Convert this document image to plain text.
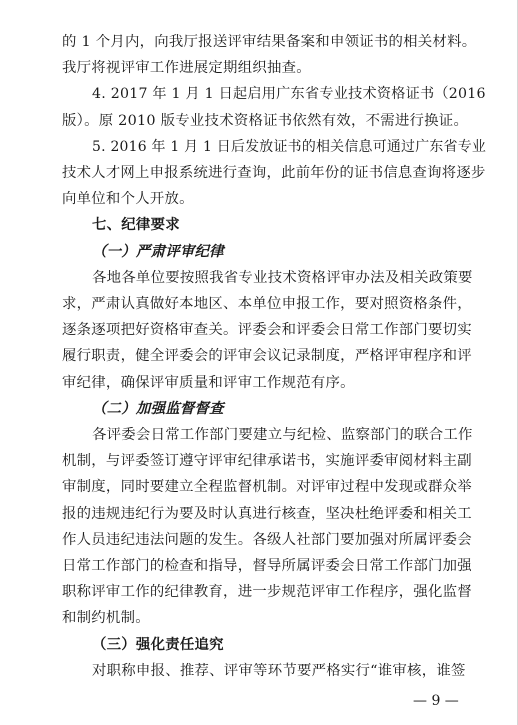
的 1 个月内，向我厅报送评审结果备案和申领证书的相关材料。
我厅将视评审工作进展定期组织抽查。
4. 2017 年 1 月 1 日起启用广东省专业技术资格证书（2016
版）。原 2010 版专业技术资格证书依然有效，不需进行换证。
5. 2016 年 1 月 1 日后发放证书的相关信息可通过广东省专业
技术人才网上申报系统进行查询，此前年份的证书信息查询将逐步
向单位和个人开放。
七、纪律要求
（一）严肃评审纪律
各地各单位要按照我省专业技术资格评审办法及相关政策要
求，严肃认真做好本地区、本单位申报工作，要对照资格条件，
逐条逐项把好资格审查关。评委会和评委会日常工作部门要切实
履行职责，健全评委会的评审会议记录制度，严格评审程序和评
审纪律，确保评审质量和评审工作规范有序。
（二）加强监督督查
各评委会日常工作部门要建立与纪检、监察部门的联合工作
机制，与评委签订遵守评审纪律承诺书，实施评委审阅材料主副
审制度，同时要建立全程监督机制。对评审过程中发现或群众举
报的违规违纪行为要及时认真进行核查，坚决杜绝评委和相关工
作人员违纪违法问题的发生。各级人社部门要加强对所属评委会
日常工作部门的检查和指导，督导所属评委会日常工作部门加强
职称评审工作的纪律教育，进一步规范评审工作程序，强化监督
和制约机制。
（三）强化责任追究
对职称申报、推荐、评审等环节要严格实行“谁审核，谁签
— 9 —
